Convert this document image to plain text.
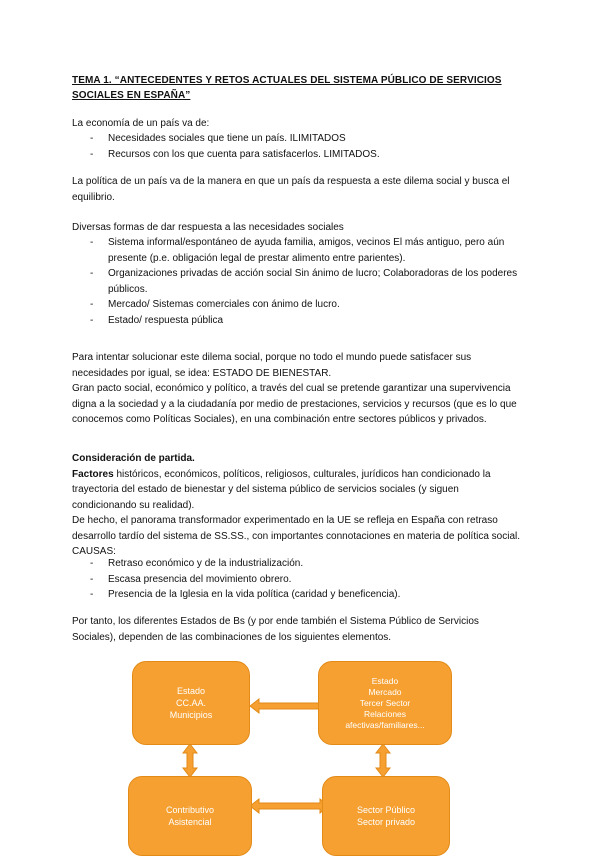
TEMA 1. “ANTECEDENTES Y RETOS ACTUALES DEL SISTEMA PÚBLICO DE SERVICIOS SOCIALES EN ESPAÑA”

La economía de un país va de:

- Necesidades sociales que tiene un país. ILIMITADOS
- Recursos con los que cuenta para satisfacerlos. LIMITADOS.

La política de un país va de la manera en que un país da respuesta a este dilema social y busca el equilibrio.

Diversas formas de dar respuesta a las necesidades sociales

- Sistema informal/espontáneo de ayuda familia, amigos, vecinos El más antiguo, pero aún presente (p.e. obligación legal de prestar alimento entre parientes).
- Organizaciones privadas de acción social Sin ánimo de lucro; Colaboradoras de los poderes públicos.
- Mercado/ Sistemas comerciales con ánimo de lucro.
- Estado/ respuesta pública

Para intentar solucionar este dilema social, porque no todo el mundo puede satisfacer sus necesidades por igual, se idea: ESTADO DE BIENESTAR.

Gran pacto social, económico y político, a través del cual se pretende garantizar una supervivencia digna a la sociedad y a la ciudadanía por medio de prestaciones, servicios y recursos (que es lo que conocemos como Políticas Sociales), en una combinación entre sectores públicos y privados.

Consideración de partida.
Factores históricos, económicos, políticos, religiosos, culturales, jurídicos han condicionado la trayectoria del estado de bienestar y del sistema público de servicios sociales (y siguen condicionando su realidad).

De hecho, el panorama transformador experimentado en la UE se refleja en España con retraso desarrollo tardío del sistema de SS.SS., con importantes connotaciones en materia de política social. CAUSAS:

- Retraso económico y de la industrialización.
- Escasa presencia del movimiento obrero.
- Presencia de la Iglesia en la vida política (caridad y beneficencia).

Por tanto, los diferentes Estados de Bs (y por ende también el Sistema Público de Servicios Sociales), dependen de las combinaciones de los siguientes elementos.

Estado
CC.AA.
Municipios
Estado
Mercado
Tercer Sector
Relaciones
afectivas/familiares...
Contributivo
Asistencial
Sector Público
Sector privado
